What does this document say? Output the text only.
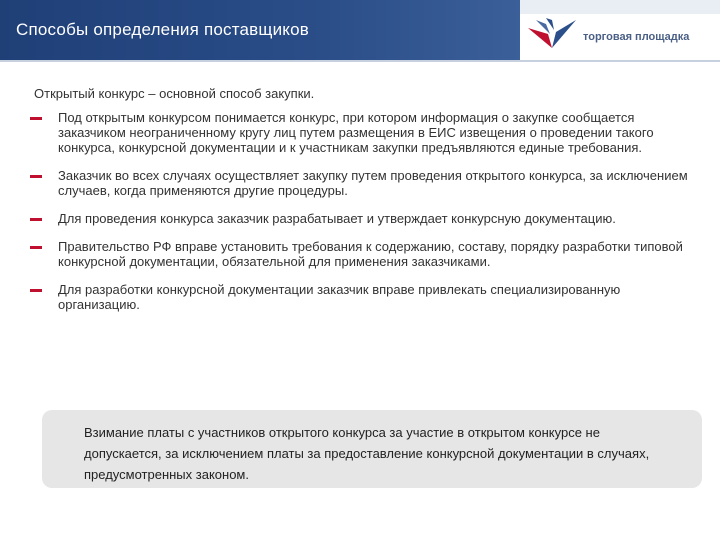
Способы определения поставщиков	торговая площадка
Открытый конкурс – основной способ закупки.
Под открытым конкурсом понимается конкурс, при котором информация о закупке сообщается заказчиком неограниченному кругу лиц путем размещения в ЕИС извещения о проведении такого конкурса, конкурсной документации и к участникам закупки предъявляются единые требования.
Заказчик во всех случаях осуществляет закупку путем проведения открытого конкурса, за исключением случаев, когда применяются другие процедуры.
Для проведения конкурса заказчик разрабатывает и утверждает конкурсную документацию.
Правительство РФ вправе установить требования к содержанию, составу, порядку разработки типовой конкурсной документации, обязательной для применения заказчиками.
Для разработки конкурсной документации заказчик вправе привлекать специализированную организацию.
Взимание платы с участников открытого конкурса за участие в открытом конкурсе не допускается, за исключением платы за предоставление конкурсной документации в случаях, предусмотренных законом.
